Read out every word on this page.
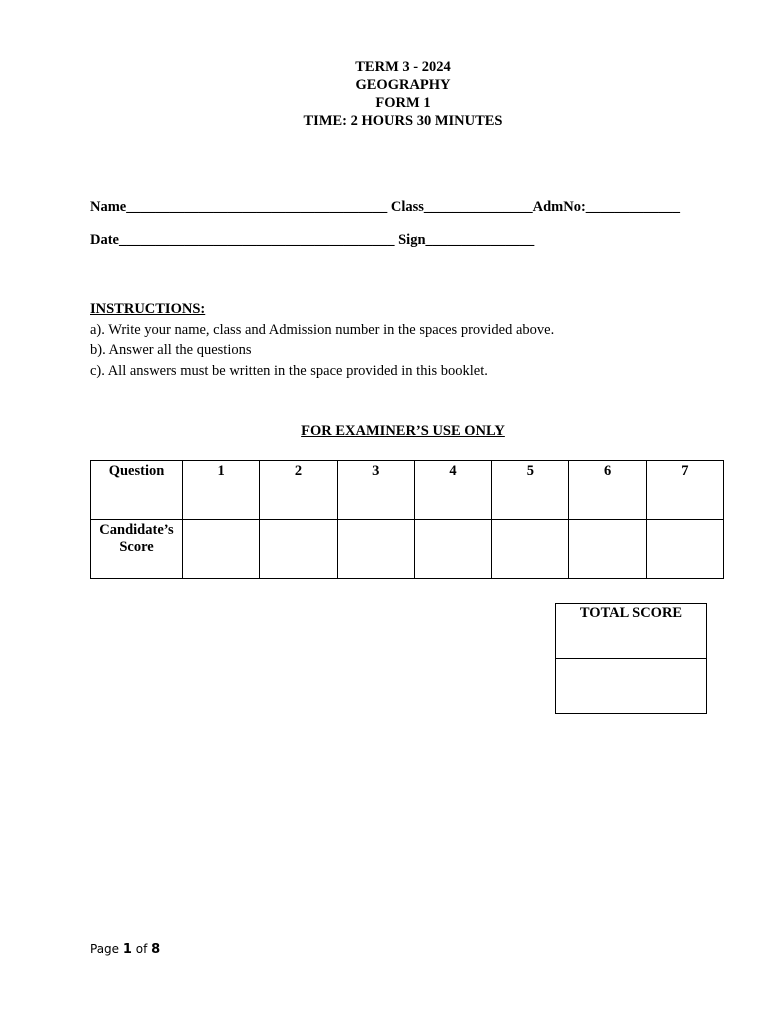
TERM 3 - 2024
GEOGRAPHY
FORM 1
TIME: 2 HOURS 30 MINUTES
Name____________________________________ Class_______________AdmNo:_____________
Date______________________________________ Sign_______________
INSTRUCTIONS:
a). Write your name, class and Admission number in the spaces provided above.
b). Answer all the questions
c). All answers must be written in the space provided in this booklet.
FOR EXAMINER’S USE ONLY
Question	1	2	3	4	5	6	7
Candidate’s Score							
TOTAL SCORE
Page 1 of 8
